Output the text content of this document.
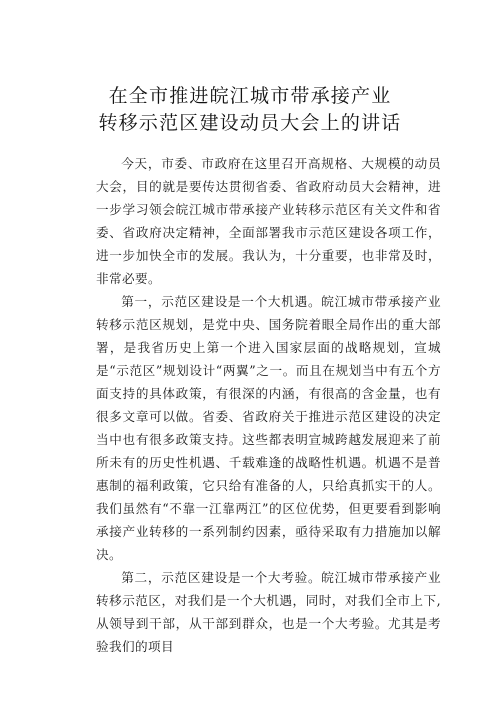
在全市推进皖江城市带承接产业
转移示范区建设动员大会上的讲话

今天，市委、市政府在这里召开高规格、大规模的动员大会，目的就是要传达贯彻省委、省政府动员大会精神，进一步学习领会皖江城市带承接产业转移示范区有关文件和省委、省政府决定精神，全面部署我市示范区建设各项工作，进一步加快全市的发展。我认为，十分重要，也非常及时，非常必要。

第一，示范区建设是一个大机遇。皖江城市带承接产业转移示范区规划，是党中央、国务院着眼全局作出的重大部署，是我省历史上第一个进入国家层面的战略规划，宣城是“示范区”规划设计“两翼”之一。而且在规划当中有五个方面支持的具体政策，有很深的内涵，有很高的含金量，也有很多文章可以做。省委、省政府关于推进示范区建设的决定当中也有很多政策支持。这些都表明宣城跨越发展迎来了前所未有的历史性机遇、千载难逢的战略性机遇。机遇不是普惠制的福利政策，它只给有准备的人，只给真抓实干的人。我们虽然有“不靠一江靠两江”的区位优势，但更要看到影响承接产业转移的一系列制约因素，亟待采取有力措施加以解决。

第二，示范区建设是一个大考验。皖江城市带承接产业转移示范区，对我们是一个大机遇，同时，对我们全市上下,从领导到干部，从干部到群众，也是一个大考验。尤其是考验我们的项目
